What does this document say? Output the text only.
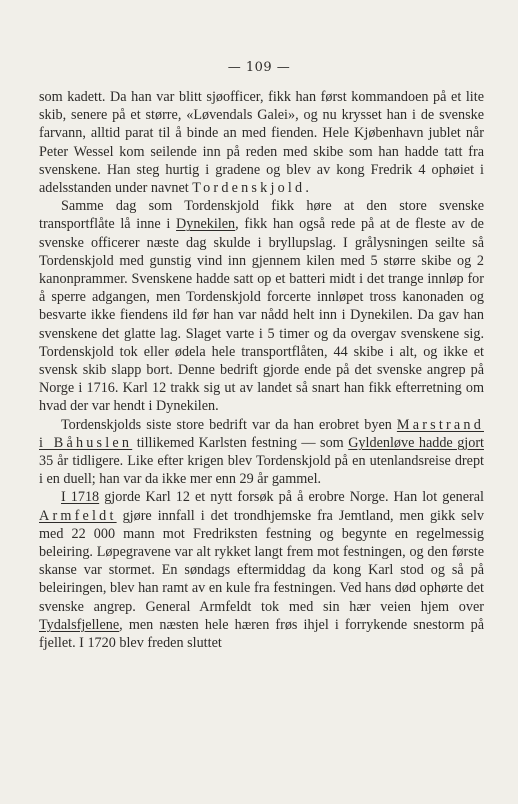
— 109 —

som kadett. Da han var blitt sjøofficer, fikk han først kommandoen på et lite skib, senere på et større, «Løvendals Galei», og nu krysset han i de svenske farvann, alltid parat til å binde an med fienden. Hele Kjøbenhavn jublet når Peter Wessel kom seilende inn på reden med skibe som han hadde tatt fra svenskene. Han steg hurtig i gradene og blev av kong Fredrik 4 ophøiet i adelsstanden under navnet Tordenskjold.

Samme dag som Tordenskjold fikk høre at den store svenske transportflåte lå inne i Dynekilen, fikk han også rede på at de fleste av de svenske officerer næste dag skulde i bryllupslag. I grålysningen seilte så Tordenskjold med gunstig vind inn gjennem kilen med 5 større skibe og 2 kanonprammer. Svenskene hadde satt op et batteri midt i det trange innløp for å sperre adgangen, men Tordenskjold forcerte innløpet tross kanonaden og besvarte ikke fiendens ild før han var nådd helt inn i Dynekilen. Da gav han svenskene det glatte lag. Slaget varte i 5 timer og da overgav svenskene sig. Tordenskjold tok eller ødela hele transportflåten, 44 skibe i alt, og ikke et svensk skib slapp bort. Denne bedrift gjorde ende på det svenske angrep på Norge i 1716. Karl 12 trakk sig ut av landet så snart han fikk efterretning om hvad der var hendt i Dynekilen.

Tordenskjolds siste store bedrift var da han erobret byen Marstrand i Båhuslen tillikemed Karlsten festning — som Gyldenløve hadde gjort 35 år tidligere. Like efter krigen blev Tordenskjold på en utenlandsreise drept i en duell; han var da ikke mer enn 29 år gammel.

I 1718 gjorde Karl 12 et nytt forsøk på å erobre Norge. Han lot general Armfeldt gjøre innfall i det trondhjemske fra Jemtland, men gikk selv med 22 000 mann mot Fredriksten festning og begynte en regelmessig beleiring. Løpegravene var alt rykket langt frem mot festningen, og den første skanse var stormet. En søndags eftermiddag da kong Karl stod og så på beleiringen, blev han ramt av en kule fra festningen. Ved hans død ophørte det svenske angrep. General Armfeldt tok med sin hær veien hjem over Tydalsfjellene, men næsten hele hæren frøs ihjel i forrykende snestorm på fjellet. I 1720 blev freden sluttet
